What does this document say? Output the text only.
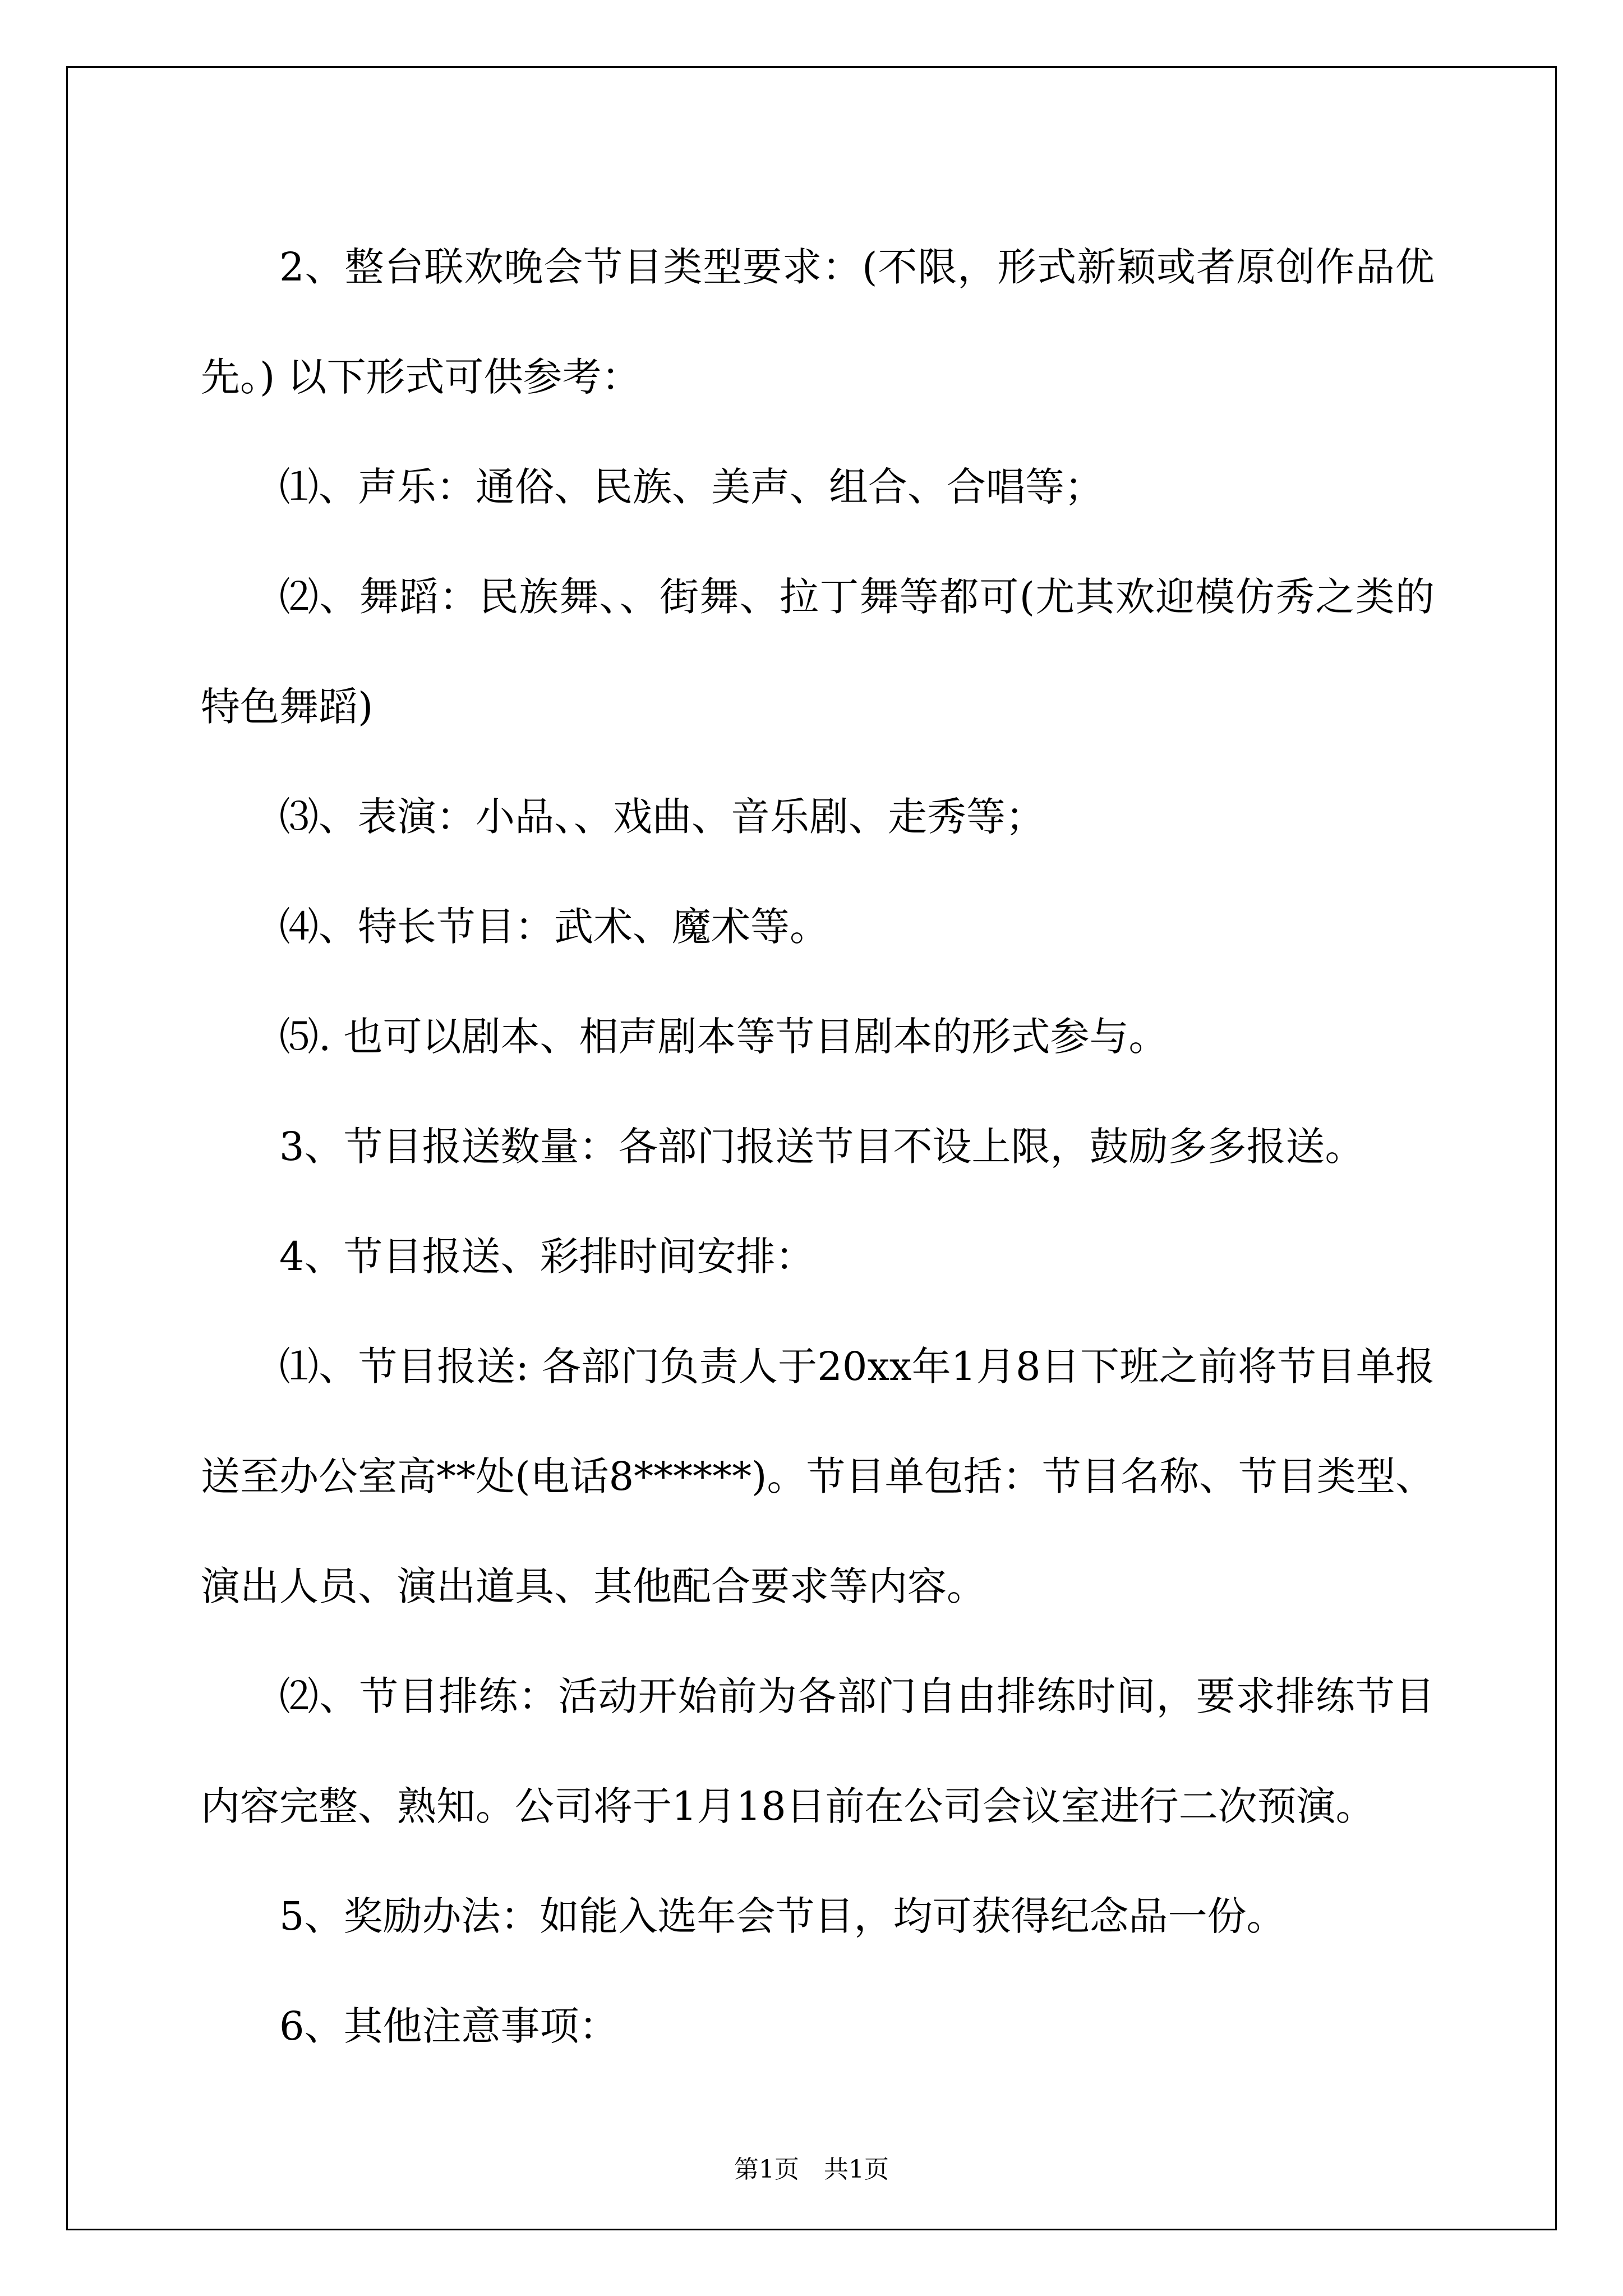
2、整台联欢晚会节目类型要求：(不限，形式新颖或者原创作品优先。) 以下形式可供参考：

⑴、声乐：通俗、民族、美声、组合、合唱等；

⑵、舞蹈：民族舞、、街舞、拉丁舞等都可(尤其欢迎模仿秀之类的特色舞蹈)

⑶、表演：小品、、戏曲、音乐剧、走秀等；

⑷、特长节目：武术、魔术等。

⑸. 也可以剧本、相声剧本等节目剧本的形式参与。

3、节目报送数量：各部门报送节目不设上限，鼓励多多报送。

4、节目报送、彩排时间安排：

⑴、节目报送: 各部门负责人于20xx年1月8日下班之前将节目单报送至办公室高**处(电话8******)。节目单包括：节目名称、节目类型、演出人员、演出道具、其他配合要求等内容。

⑵、节目排练：活动开始前为各部门自由排练时间，要求排练节目内容完整、熟知。公司将于1月18日前在公司会议室进行二次预演。

5、奖励办法：如能入选年会节目，均可获得纪念品一份。

6、其他注意事项：

第1页　共1页
